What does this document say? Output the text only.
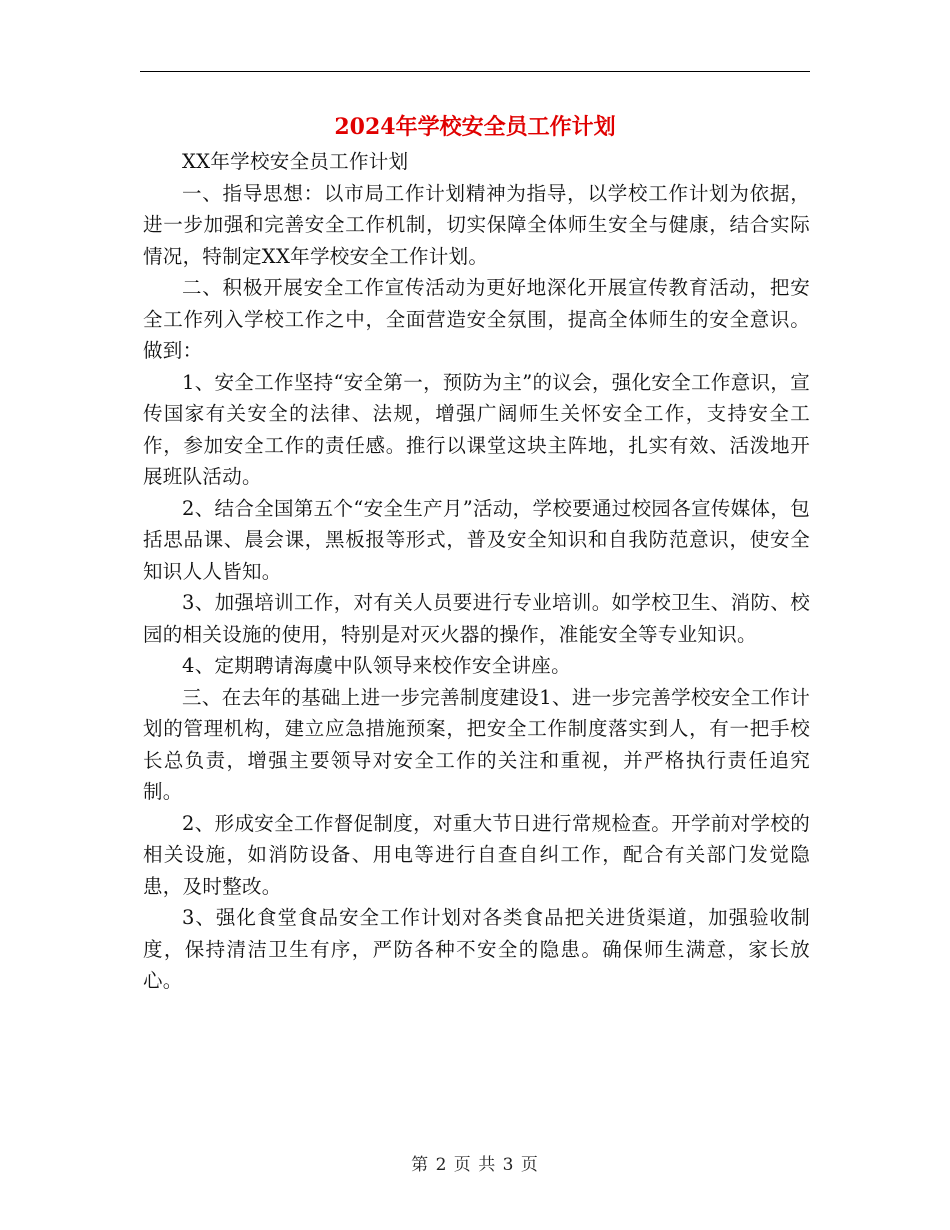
2024年学校安全员工作计划

XX年学校安全员工作计划

一、指导思想：以市局工作计划精神为指导，以学校工作计划为依据，进一步加强和完善安全工作机制，切实保障全体师生安全与健康，结合实际情况，特制定XX年学校安全工作计划。

二、积极开展安全工作宣传活动为更好地深化开展宣传教育活动，把安全工作列入学校工作之中，全面营造安全氛围，提高全体师生的安全意识。做到：

1、安全工作坚持“安全第一，预防为主”的议会，强化安全工作意识，宣传国家有关安全的法律、法规，增强广阔师生关怀安全工作，支持安全工作，参加安全工作的责任感。推行以课堂这块主阵地，扎实有效、活泼地开展班队活动。

2、结合全国第五个“安全生产月”活动，学校要通过校园各宣传媒体，包括思品课、晨会课，黑板报等形式，普及安全知识和自我防范意识，使安全知识人人皆知。

3、加强培训工作，对有关人员要进行专业培训。如学校卫生、消防、校园的相关设施的使用，特别是对灭火器的操作，准能安全等专业知识。

4、定期聘请海虞中队领导来校作安全讲座。

三、在去年的基础上进一步完善制度建设1、进一步完善学校安全工作计划的管理机构，建立应急措施预案，把安全工作制度落实到人，有一把手校长总负责，增强主要领导对安全工作的关注和重视，并严格执行责任追究制。

2、形成安全工作督促制度，对重大节日进行常规检查。开学前对学校的相关设施，如消防设备、用电等进行自查自纠工作，配合有关部门发觉隐患，及时整改。

3、强化食堂食品安全工作计划对各类食品把关进货渠道，加强验收制度，保持清洁卫生有序，严防各种不安全的隐患。确保师生满意，家长放心。

第 2 页 共 3 页
